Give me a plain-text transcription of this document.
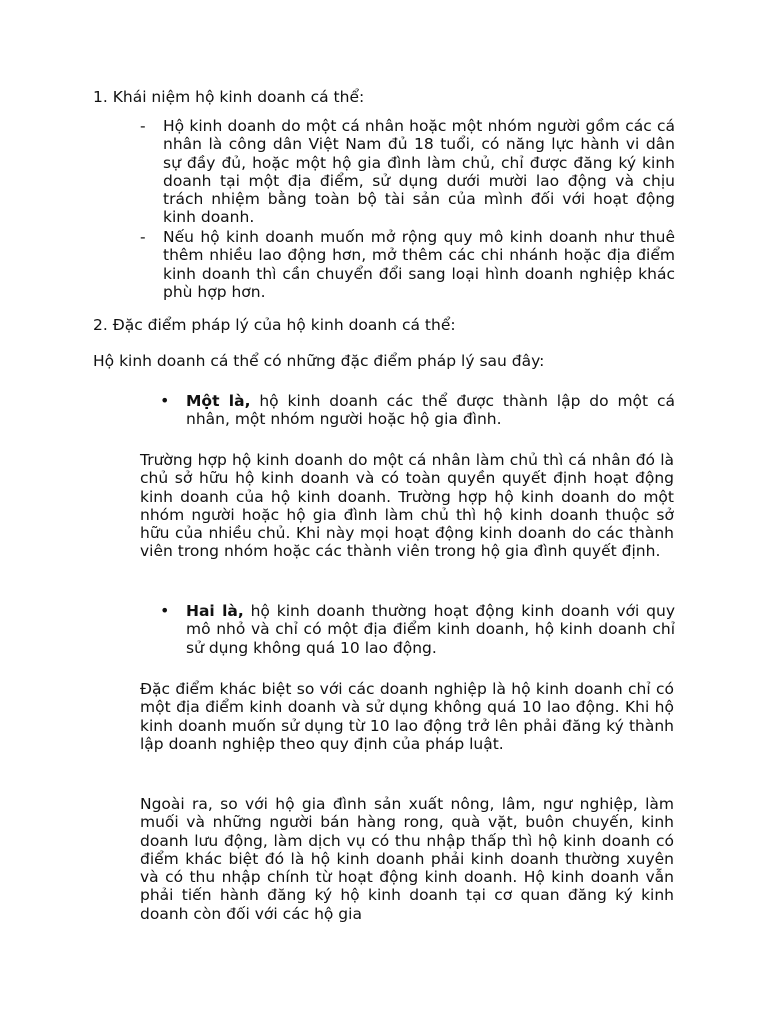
1. Khái niệm hộ kinh doanh cá thể:

- Hộ kinh doanh do một cá nhân hoặc một nhóm người gồm các cá nhân là công dân Việt Nam đủ 18 tuổi, có năng lực hành vi dân sự đầy đủ, hoặc một hộ gia đình làm chủ, chỉ được đăng ký kinh doanh tại một địa điểm, sử dụng dưới mười lao động và chịu trách nhiệm bằng toàn bộ tài sản của mình đối với hoạt động kinh doanh.
- Nếu hộ kinh doanh muốn mở rộng quy mô kinh doanh như thuê thêm nhiều lao động hơn, mở thêm các chi nhánh hoặc địa điểm kinh doanh thì cần chuyển đổi sang loại hình doanh nghiệp khác phù hợp hơn.

2. Đặc điểm pháp lý của hộ kinh doanh cá thể:

Hộ kinh doanh cá thể có những đặc điểm pháp lý sau đây:

• Một là, hộ kinh doanh các thể được thành lập do một cá nhân, một nhóm người hoặc hộ gia đình.

Trường hợp hộ kinh doanh do một cá nhân làm chủ thì cá nhân đó là chủ sở hữu hộ kinh doanh và có toàn quyền quyết định hoạt động kinh doanh của hộ kinh doanh. Trường hợp hộ kinh doanh do một nhóm người hoặc hộ gia đình làm chủ thì hộ kinh doanh thuộc sở hữu của nhiều chủ. Khi này mọi hoạt động kinh doanh do các thành viên trong nhóm hoặc các thành viên trong hộ gia đình quyết định.

• Hai là, hộ kinh doanh thường hoạt động kinh doanh với quy mô nhỏ và chỉ có một địa điểm kinh doanh, hộ kinh doanh chỉ sử dụng không quá 10 lao động.

Đặc điểm khác biệt so với các doanh nghiệp là hộ kinh doanh chỉ có một địa điểm kinh doanh và sử dụng không quá 10 lao động. Khi hộ kinh doanh muốn sử dụng từ 10 lao động trở lên phải đăng ký thành lập doanh nghiệp theo quy định của pháp luật.

Ngoài ra, so với hộ gia đình sản xuất nông, lâm, ngư nghiệp, làm muối và những người bán hàng rong, quà vặt, buôn chuyến, kinh doanh lưu động, làm dịch vụ có thu nhập thấp thì hộ kinh doanh có điểm khác biệt đó là hộ kinh doanh phải kinh doanh thường xuyên và có thu nhập chính từ hoạt động kinh doanh. Hộ kinh doanh vẫn phải tiến hành đăng ký hộ kinh doanh tại cơ quan đăng ký kinh doanh còn đối với các hộ gia
